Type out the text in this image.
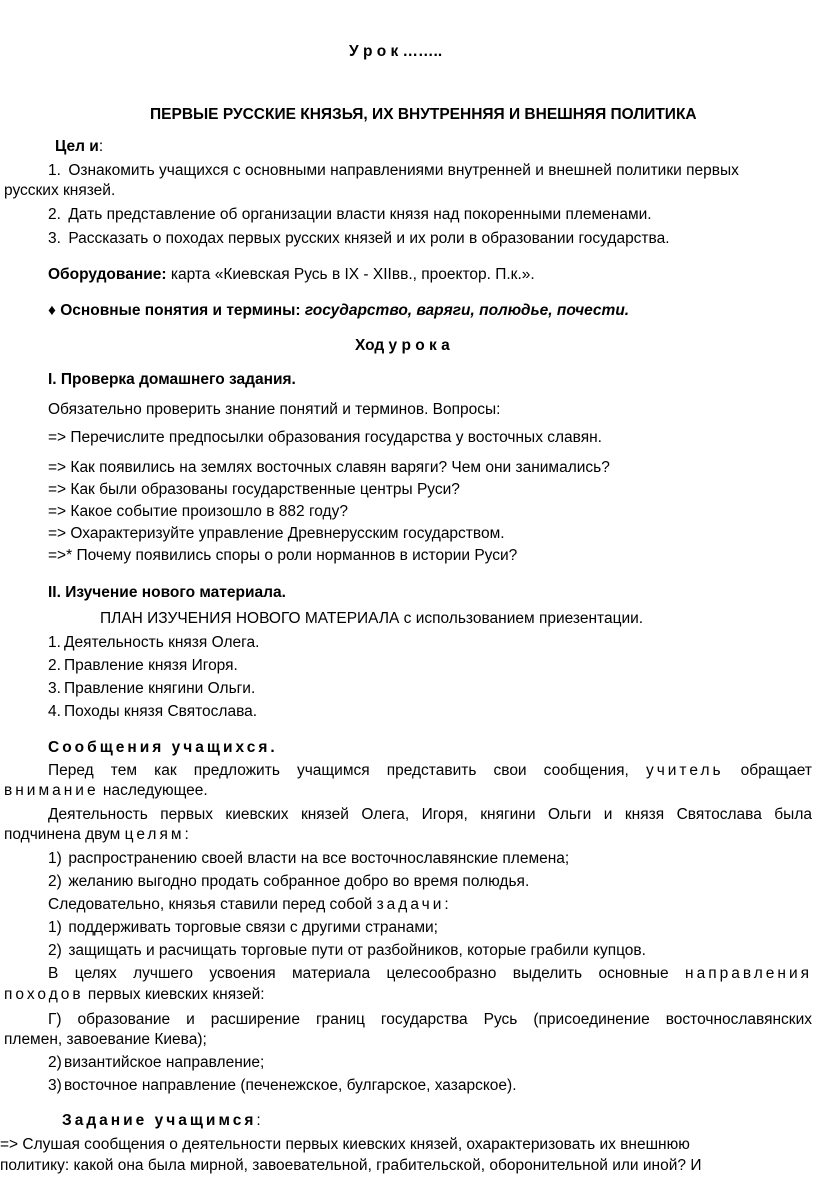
У р о к ……..
ПЕРВЫЕ РУССКИЕ КНЯЗЬЯ, ИХ ВНУТРЕННЯЯ И ВНЕШНЯЯ ПОЛИТИКА
Цел и:
1. Ознакомить учащихся с основными направлениями внутренней и внешней политики первых
русских князей.
2. Дать представление об организации власти князя над покоренными племенами.
3. Рассказать о походах первых русских князей и их роли в образовании государства.
Оборудование: карта «Киевская Русь в IX - XIIвв., проектор. П.к.».
♦ Основные понятия и термины: государство, варяги, полюдье, почести.
Ход у р о к а
I. Проверка домашнего задания.
Обязательно проверить знание понятий и терминов. Вопросы:
=> Перечислите предпосылки образования государства у восточных славян.
=> Как появились на землях восточных славян варяги? Чем они занимались?
=> Как были образованы государственные центры Руси?
=> Какое событие произошло в 882 году?
=> Охарактеризуйте управление Древнерусским государством.
=>* Почему появились споры о роли норманнов в истории Руси?
II. Изучение нового материала.
ПЛАН ИЗУЧЕНИЯ НОВОГО МАТЕРИАЛА с использованием приезентации.
1. Деятельность князя Олега.
2. Правление князя Игоря.
3. Правление княгини Ольги.
4. Походы князя Святослава.
Сообщения учащихся.
Перед тем как предложить учащимся представить свои сообщения, учитель обращает
внимание наследующее.
Деятельность первых киевских князей Олега, Игоря, княгини Ольги и князя Святослава была
подчинена двум целям:
1) распространению своей власти на все восточнославянские племена;
2) желанию выгодно продать собранное добро во время полюдья.
Следовательно, князья ставили перед собой задачи:
1) поддерживать торговые связи с другими странами;
2) защищать и расчищать торговые пути от разбойников, которые грабили купцов.
В целях лучшего усвоения материала целесообразно выделить основные направления
походов первых киевских князей:
Г) образование и расширение границ государства Русь (присоединение восточнославянских
племен, завоевание Киева);
2) византийское направление;
3) восточное направление (печенежское, булгарское, хазарское).
Задание учащимся:
=> Слушая сообщения о деятельности первых киевских князей, охарактеризовать их внешнюю
политику: какой она была мирной, завоевательной, грабительской, оборонительной или иной? И
